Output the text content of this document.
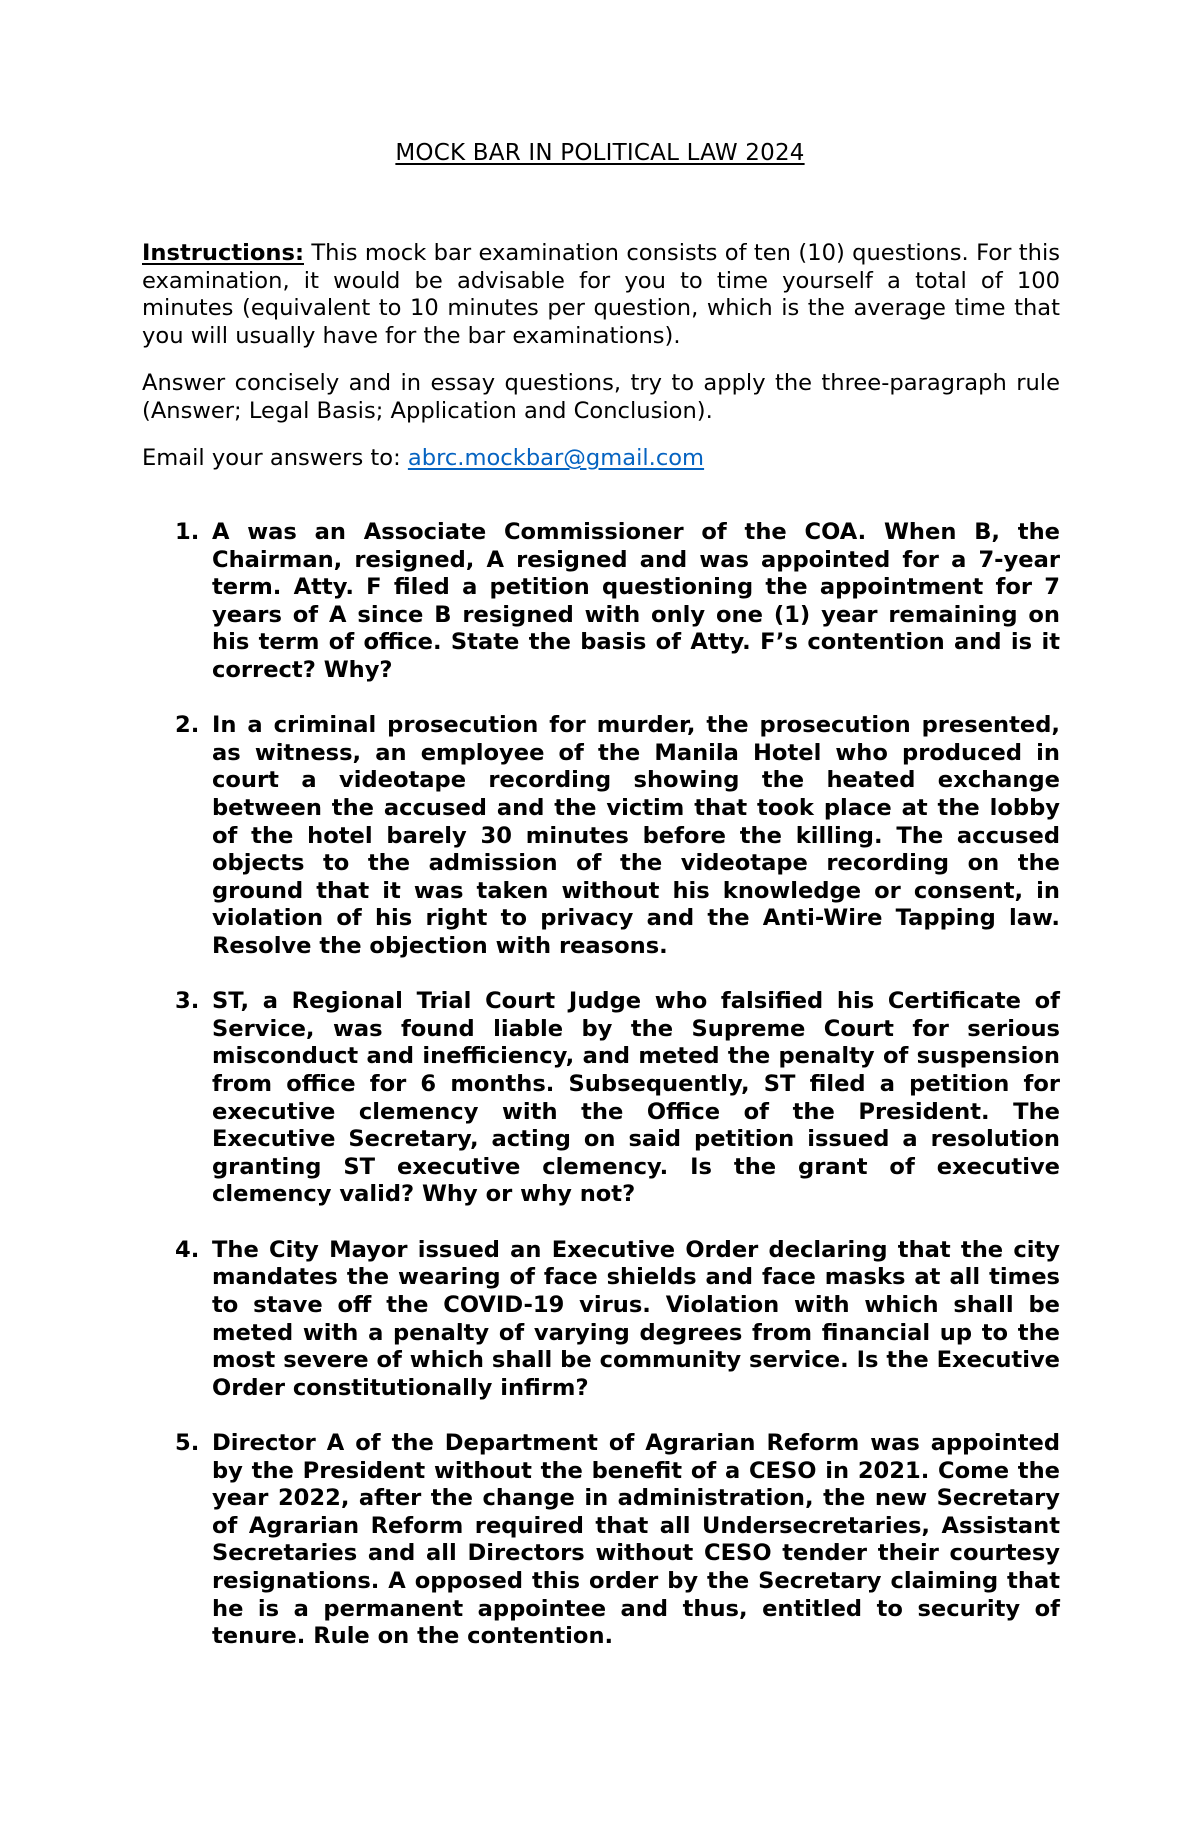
MOCK BAR IN POLITICAL LAW 2024
Instructions: This mock bar examination consists of ten (10) questions. For this examination, it would be advisable for you to time yourself a total of 100 minutes (equivalent to 10 minutes per question, which is the average time that you will usually have for the bar examinations).
Answer concisely and in essay questions, try to apply the three-paragraph rule (Answer; Legal Basis; Application and Conclusion).
Email your answers to: abrc.mockbar@gmail.com
1. A was an Associate Commissioner of the COA. When B, the Chairman, resigned, A resigned and was appointed for a 7-year term. Atty. F filed a petition questioning the appointment for 7 years of A since B resigned with only one (1) year remaining on his term of office. State the basis of Atty. F’s contention and is it correct? Why?
2. In a criminal prosecution for murder, the prosecution presented, as witness, an employee of the Manila Hotel who produced in court a videotape recording showing the heated exchange between the accused and the victim that took place at the lobby of the hotel barely 30 minutes before the killing. The accused objects to the admission of the videotape recording on the ground that it was taken without his knowledge or consent, in violation of his right to privacy and the Anti-Wire Tapping law. Resolve the objection with reasons.
3. ST, a Regional Trial Court Judge who falsified his Certificate of Service, was found liable by the Supreme Court for serious misconduct and inefficiency, and meted the penalty of suspension from office for 6 months. Subsequently, ST filed a petition for executive clemency with the Office of the President. The Executive Secretary, acting on said petition issued a resolution granting ST executive clemency. Is the grant of executive clemency valid? Why or why not?
4. The City Mayor issued an Executive Order declaring that the city mandates the wearing of face shields and face masks at all times to stave off the COVID-19 virus. Violation with which shall be meted with a penalty of varying degrees from financial up to the most severe of which shall be community service. Is the Executive Order constitutionally infirm?
5. Director A of the Department of Agrarian Reform was appointed by the President without the benefit of a CESO in 2021. Come the year 2022, after the change in administration, the new Secretary of Agrarian Reform required that all Undersecretaries, Assistant Secretaries and all Directors without CESO tender their courtesy resignations. A opposed this order by the Secretary claiming that he is a permanent appointee and thus, entitled to security of tenure. Rule on the contention.
